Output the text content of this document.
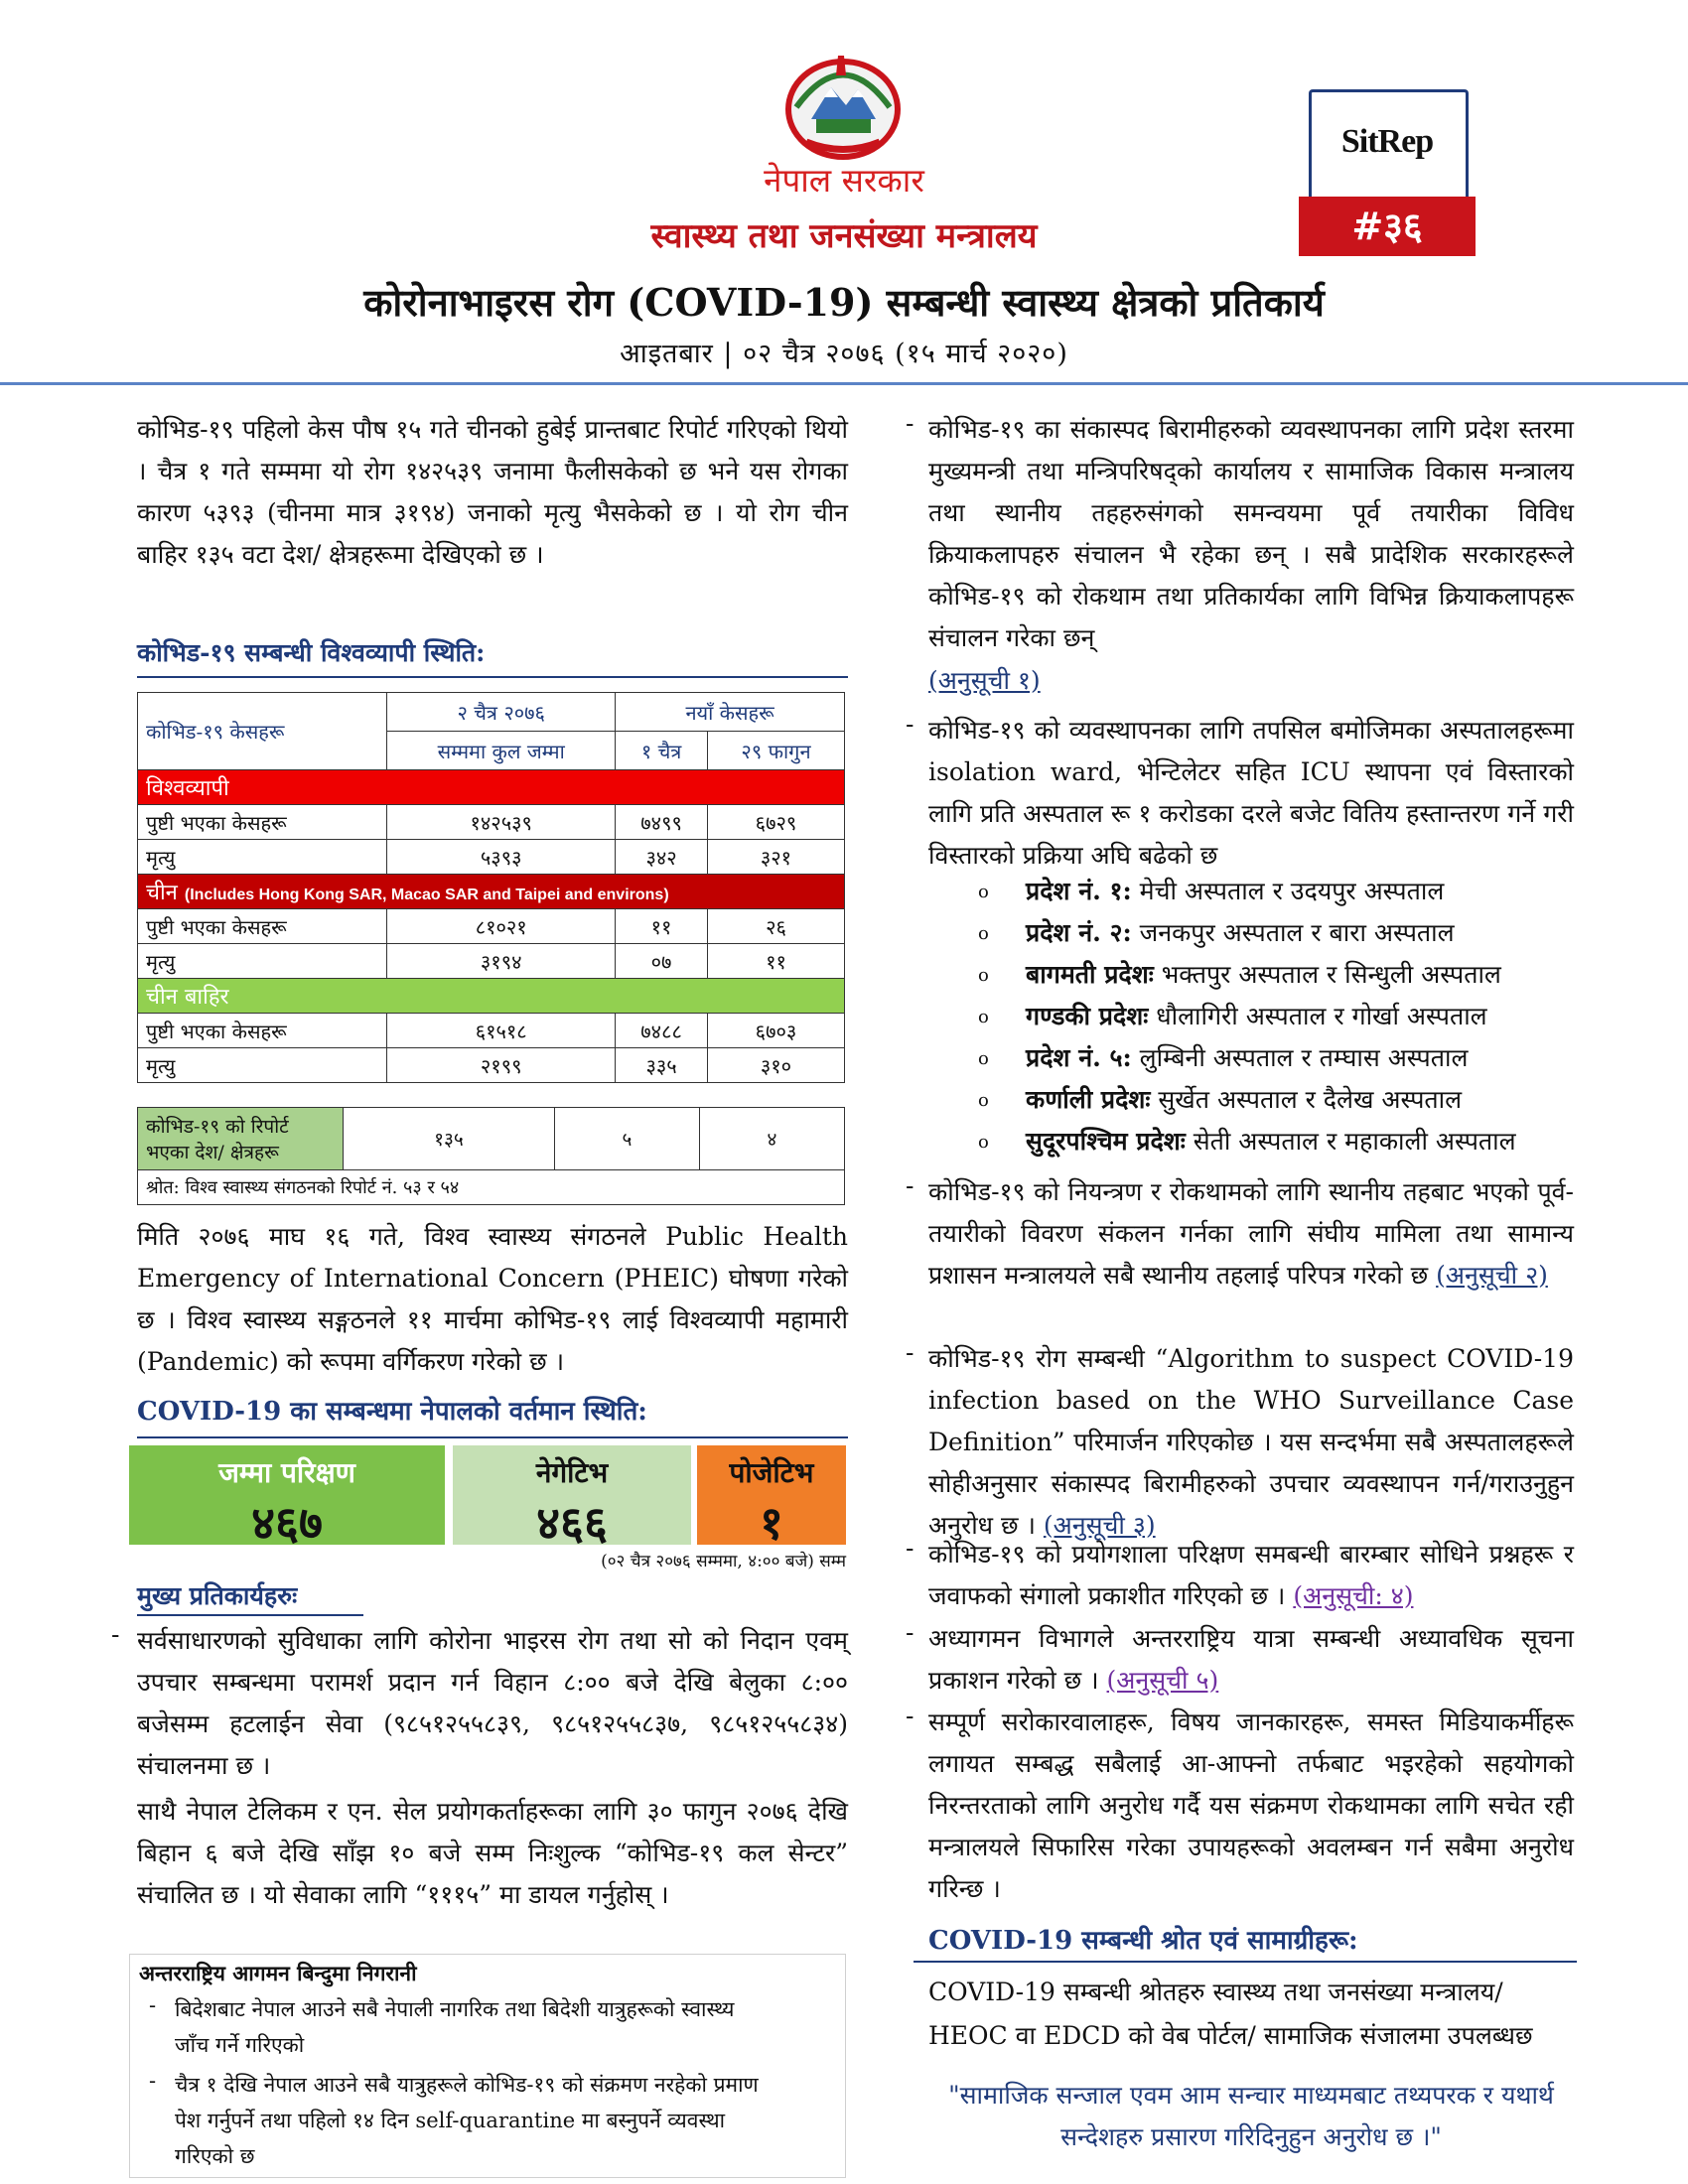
नेपाल सरकार
स्वास्थ्य तथा जनसंख्या मन्त्रालय
कोरोनाभाइरस रोग (COVID-19) सम्बन्धी स्वास्थ्य क्षेत्रको प्रतिकार्य
आइतबार | ०२ चैत्र २०७६ (१५ मार्च २०२०)
SitRep
#३६
कोभिड-१९ पहिलो केस पौष १५ गते चीनको हुबेई प्रान्तबाट रिपोर्ट गरिएको थियो । चैत्र १ गते सम्ममा यो रोग १४२५३९ जनामा फैलीसकेको छ भने यस रोगका कारण ५३९३ (चीनमा मात्र ३१९४) जनाको मृत्यु भैसकेको छ । यो रोग चीन बाहिर १३५ वटा देश/ क्षेत्रहरूमा देखिएको छ ।
कोभिड-१९ सम्बन्धी विश्वव्यापी स्थिति:
कोभिड-१९ केसहरू	२ चैत्र २०७६	नयाँ केसहरू	
	सम्ममा कुल जम्मा	१ चैत्र	२९ फागुन
विश्वव्यापी			
पुष्टी भएका केसहरू	१४२५३९	७४९९	६७२९
मृत्यु	५३९३	३४२	३२१
चीन (Includes Hong Kong SAR, Macao SAR and Taipei and environs)			
पुष्टी भएका केसहरू	८१०२१	११	२६
मृत्यु	३१९४	०७	११
चीन बाहिर			
पुष्टी भएका केसहरू	६१५१८	७४८८	६७०३
मृत्यु	२१९९	३३५	३१०
कोभिड-१९ को रिपोर्ट भएका देश/ क्षेत्रहरू	१३५	५	४
श्रोत: विश्व स्वास्थ्य संगठनको रिपोर्ट नं. ५३ र ५४
मिति २०७६ माघ १६ गते, विश्व स्वास्थ्य संगठनले Public Health Emergency of International Concern (PHEIC) घोषणा गरेको छ । विश्व स्वास्थ्य सङ्गठनले ११ मार्चमा कोभिड-१९ लाई विश्वव्यापी महामारी (Pandemic) को रूपमा वर्गिकरण गरेको छ ।
COVID-19 का सम्बन्धमा नेपालको वर्तमान स्थिति:
जम्मा परिक्षण
४६७
नेगेटिभ
४६६
पोजेटिभ
१
(०२ चैत्र २०७६ सम्ममा, ४:०० बजे) सम्म
मुख्य प्रतिकार्यहरुः
- सर्वसाधारणको सुविधाका लागि कोरोना भाइरस रोग तथा सो को निदान एवम् उपचार सम्बन्धमा परामर्श प्रदान गर्न विहान ८:०० बजे देखि बेलुका ८:०० बजेसम्म हटलाईन सेवा (९८५१२५५८३९, ९८५१२५५८३७, ९८५१२५५८३४) संचालनमा छ ।
साथै नेपाल टेलिकम र एन. सेल प्रयोगकर्ताहरूका लागि ३० फागुन २०७६ देखि बिहान ६ बजे देखि साँझ १० बजे सम्म निःशुल्क “कोभिड-१९ कल सेन्टर” संचालित छ । यो सेवाका लागि “१११५” मा डायल गर्नुहोस् ।
अन्तरराष्ट्रिय आगमन बिन्दुमा निगरानी
- बिदेशबाट नेपाल आउने सबै नेपाली नागरिक तथा बिदेशी यात्रुहरूको स्वास्थ्य जाँच गर्ने गरिएको
- चैत्र १ देखि नेपाल आउने सबै यात्रुहरूले कोभिड-१९ को संक्रमण नरहेको प्रमाण पेश गर्नुपर्ने तथा पहिलो १४ दिन self-quarantine मा बस्नुपर्ने व्यवस्था गरिएको छ
- कोभिड-१९ का संकास्पद बिरामीहरुको व्यवस्थापनका लागि प्रदेश स्तरमा मुख्यमन्त्री तथा मन्त्रिपरिषद्को कार्यालय र सामाजिक विकास मन्त्रालय तथा स्थानीय तहहरुसंगको समन्वयमा पूर्व तयारीका विविध क्रियाकलापहरु संचालन भै रहेका छन् । सबै प्रादेशिक सरकारहरूले कोभिड-१९ को रोकथाम तथा प्रतिकार्यका लागि विभिन्न क्रियाकलापहरू संचालन गरेका छन्
(अनुसूची १)
- कोभिड-१९ को व्यवस्थापनका लागि तपसिल बमोजिमका अस्पतालहरूमा isolation ward, भेन्टिलेटर सहित ICU स्थापना एवं विस्तारको लागि प्रति अस्पताल रू १ करोडका दरले बजेट वितिय हस्तान्तरण गर्ने गरी विस्तारको प्रक्रिया अघि बढेको छ
o प्रदेश नं. १: मेची अस्पताल र उदयपुर अस्पताल
o प्रदेश नं. २: जनकपुर अस्पताल र बारा अस्पताल
o बागमती प्रदेशः भक्तपुर अस्पताल र सिन्धुली अस्पताल
o गण्डकी प्रदेशः धौलागिरी अस्पताल र गोर्खा अस्पताल
o प्रदेश नं. ५: लुम्बिनी अस्पताल र तम्घास अस्पताल
o कर्णाली प्रदेशः सुर्खेत अस्पताल र दैलेख अस्पताल
o सुदूरपश्चिम प्रदेशः सेती अस्पताल र महाकाली अस्पताल
- कोभिड-१९ को नियन्त्रण र रोकथामको लागि स्थानीय तहबाट भएको पूर्व-तयारीको विवरण संकलन गर्नका लागि संघीय मामिला तथा सामान्य प्रशासन मन्त्रालयले सबै स्थानीय तहलाई परिपत्र गरेको छ (अनुसूची २)
- कोभिड-१९ रोग सम्बन्धी “Algorithm to suspect COVID-19 infection based on the WHO Surveillance Case Definition” परिमार्जन गरिएकोछ । यस सन्दर्भमा सबै अस्पतालहरूले सोहीअनुसार संकास्पद बिरामीहरुको उपचार व्यवस्थापन गर्न/गराउनुहुन अनुरोध छ । (अनुसूची ३)
- कोभिड-१९ को प्रयोगशाला परिक्षण समबन्धी बारम्बार सोधिने प्रश्नहरू र जवाफको संगालो प्रकाशीत गरिएको छ । (अनुसूची: ४)
- अध्यागमन विभागले अन्तरराष्ट्रिय यात्रा सम्बन्धी अध्यावधिक सूचना प्रकाशन गरेको छ । (अनुसूची ५)
- सम्पूर्ण सरोकारवालाहरू, विषय जानकारहरू, समस्त मिडियाकर्मीहरू लगायत सम्बद्ध सबैलाई आ-आफ्नो तर्फबाट भइरहेको सहयोगको निरन्तरताको लागि अनुरोध गर्दै यस संक्रमण रोकथामका लागि सचेत रही मन्त्रालयले सिफारिस गरेका उपायहरूको अवलम्बन गर्न सबैमा अनुरोध गरिन्छ ।
COVID-19 सम्बन्धी श्रोत एवं सामाग्रीहरू:
COVID-19 सम्बन्धी श्रोतहरु स्वास्थ्य तथा जनसंख्या मन्त्रालय/ HEOC वा EDCD को वेब पोर्टल/ सामाजिक संजालमा उपलब्धछ
"सामाजिक सन्जाल एवम आम सन्चार माध्यमबाट तथ्यपरक र यथार्थ सन्देशहरु प्रसारण गरिदिनुहुन अनुरोध छ ।"
